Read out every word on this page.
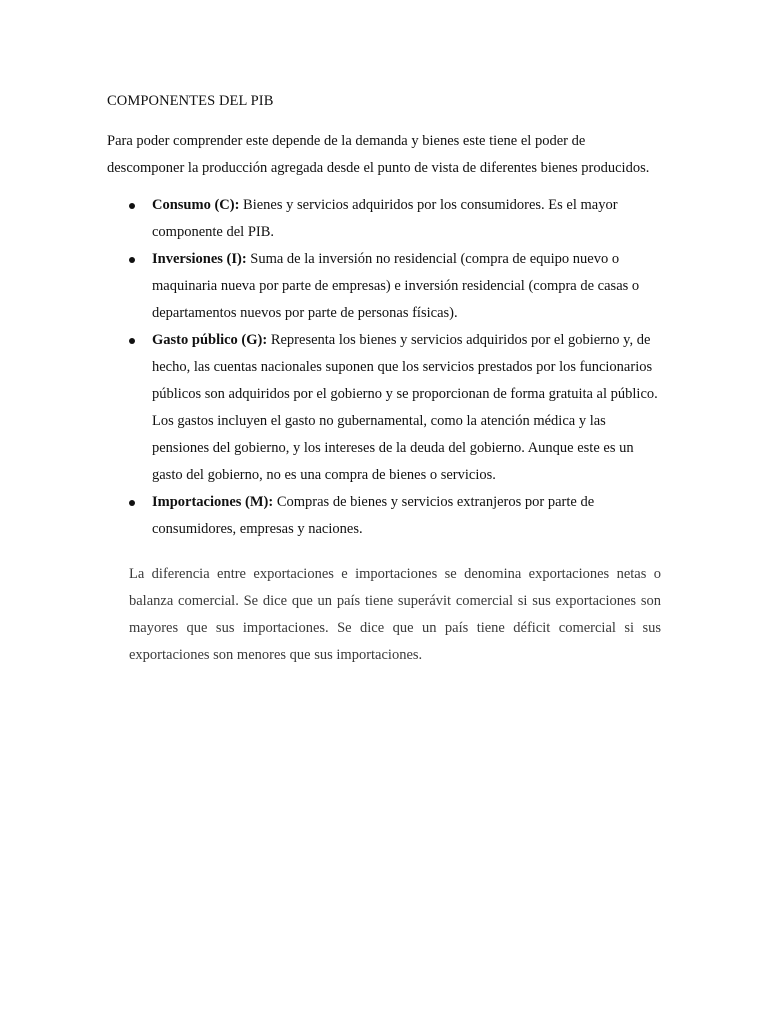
COMPONENTES DEL PIB

Para poder comprender este depende de la demanda y bienes este tiene el poder de descomponer la producción agregada desde el punto de vista de diferentes bienes producidos.

Consumo (C): Bienes y servicios adquiridos por los consumidores. Es el mayor componente del PIB.
Inversiones (I): Suma de la inversión no residencial (compra de equipo nuevo o maquinaria nueva por parte de empresas) e inversión residencial (compra de casas o departamentos nuevos por parte de personas físicas).
Gasto público (G): Representa los bienes y servicios adquiridos por el gobierno y, de hecho, las cuentas nacionales suponen que los servicios prestados por los funcionarios públicos son adquiridos por el gobierno y se proporcionan de forma gratuita al público. Los gastos incluyen el gasto no gubernamental, como la atención médica y las pensiones del gobierno, y los intereses de la deuda del gobierno. Aunque este es un gasto del gobierno, no es una compra de bienes o servicios.
Importaciones (M): Compras de bienes y servicios extranjeros por parte de consumidores, empresas y naciones.

La diferencia entre exportaciones e importaciones se denomina exportaciones netas o balanza comercial. Se dice que un país tiene superávit comercial si sus exportaciones son mayores que sus importaciones. Se dice que un país tiene déficit comercial si sus exportaciones son menores que sus importaciones.
